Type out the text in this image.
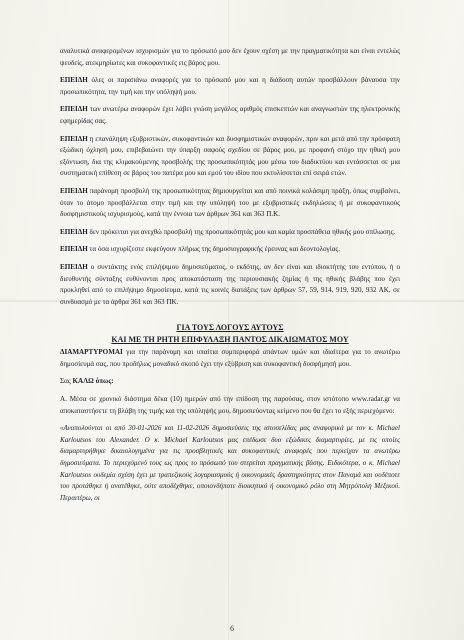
αναλυτικά αναφερομένων ισχυρισμών για το πρόσωπό μου δεν έχουν σχέση με την πραγματικότητα και είναι εντελώς ψευδείς, ατεκμηρίωτες και συκοφαντικές εις βάρος μου.

ΕΠΕΙΔΗ όλες οι παραπάνω αναφορές για το πρόσωπό μου και η διάδοση αυτών προσβάλλουν βάναυσα την προσωπικότητα, την τιμή και την υπόληψή μου.

ΕΠΕΙΔΗ των ανωτέρω αναφορών έχει λάβει γνώση μεγάλος αριθμός επισκεπτών και αναγνωστών της ηλεκτρονικής εφημερίδας σας.

ΕΠΕΙΔΗ η επανάληψη εξυβριστικών, συκοφαντικών και δυσφημιστικών αναφορών, πριν και μετά από την πρόσφατη εξώδικη όχλησή μου, επιβεβαιώνει την ύπαρξη σαφούς σχεδίου σε βάρος μου, με προφανή στόχο την ηθική μου εξόντωση, δια της κλιμακούμενης προσβολής της προσωπικότητάς μου μέσω του διαδικτύου και εντάσσεται σε μια συστηματική επίθεση σε βάρος του πατέρα μου και εμού του ιδίου που εκτυλίσσεται επί σειρά ετών.

ΕΠΕΙΔΗ παράνομη προσβολή της προσωπικότητας δημιουργείται και από ποινικά κολάσιμη πράξη, όπως συμβαίνει, όταν το άτομο προσβάλλεται στην τιμή και την υπόληψή του με εξυβριστικές εκδηλώσεις ή με συκοφαντικούς δυσφημιστικούς ισχυρισμούς, κατά την έννοια των άρθρων 361 και 363 Π.Κ.

ΕΠΕΙΔΗ δεν πρόκειται για ανεχθώ προσβολή της προσωπικότητάς μου και καμία προσπάθεια ηθικής μου σπίλωσης.

ΕΠΕΙΔΗ τα όσα ισχυρίζεστε εκφεύγουν πλήρως της δημοσιογραφικής έρευνας και δεοντολογίας.

ΕΠΕΙΔΗ ο συντάκτης ενός επιλήψιμου δημοσιεύματος, ο εκδότης, αν δεν είναι και ιδιοκτήτης του εντύπου, ή ο διευθυντής σύνταξης ευθύνονται προς αποκατάσταση της περιουσιακής ζημίας ή της ηθικής βλάβης που έχει προκληθεί από το επιλήψιμο δημοσίευμα, κατά τις κοινές διατάξεις των άρθρων 57, 59, 914, 919, 920, 932 ΑΚ, σε συνδυασμό με τα άρθρα 361 και 363 ΠΚ.

ΓΙΑ ΤΟΥΣ ΛΟΓΟΥΣ ΑΥΤΟΥΣ

ΚΑΙ ΜΕ ΤΗ ΡΗΤΗ ΕΠΙΦΥΛΑΞΗ ΠΑΝΤΟΣ ΔΙΚΑΙΩΜΑΤΟΣ ΜΟΥ

ΔΙΑΜΑΡΤΥΡΟΜΑΙ για την παράνομη και υπαίτια συμπεριφορά απάντων υμών και ιδιαίτερα για το ανωτέρω δημοσίευμά σας, που προδήλως μοναδικό σκοπό έχει την εξύβριση και συκοφαντική δυσφήμησή μου.

Σας ΚΑΛΩ όπως:

Α. Μέσα σε χρονικό διάστημα δέκα (10) ημερών από την επίδοση της παρούσας, στον ιστότοπο www.radar.gr να αποκαταστήσετε τη βλάβη της τιμής και της υπόληψής μου, δημοσιεύοντας κείμενο που θα έχει το εξής περιεχόμενο:

«Αναπολούνται οι από 30-01-2026 και 11-02-2026 δημοσιεύσεις της ιστοσελίδας μας αναφορικά με τον κ. Michael Karloutsos του Alexander. Ο κ. Michael Karloutsos μας επέδωσε δυο εξώδικες διαμαρτυρίες, με τις οποίες διαμαρτυρήθηκε δικαιολογημένα για τις προσβλητικές και συκοφαντικές αναφορές που περιείχαν τα ανωτέρω δημοσιεύματα. Το περιεχόμενό τους ως προς το πρόσωπό του στερείται πραγματικής βάσης. Ειδικότερα, ο κ. Michael Karloutsos ουδεμία σχέση έχει με τραπεζικούς λογαριασμούς ή οικονομικές δραστηριότητες στον Παναμά και ουδέποτε του προτάθηκε ή ανατέθηκε, ούτε αποδέχθηκε, οποιονδήποτε διοικητικό ή οικονομικό ρόλο στη Μητρόπολη Μεξικού. Περαιτέρω, οι

6
